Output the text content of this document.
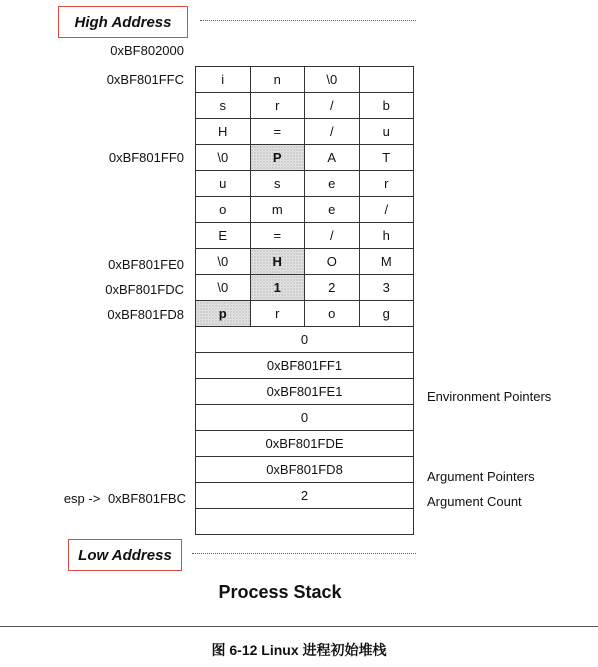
High Address
0xBF802000
0xBF801FFC
0xBF801FF0
0xBF801FE0
0xBF801FDC
0xBF801FD8
esp -> 0xBF801FBC
i	n	\0	
s	r	/	b
H	=	/	u
\0	P	A	T
u	s	e	r
o	m	e	/
E	=	/	h
\0	H	O	M
\0	1	2	3
p	r	o	g
0			
0xBF801FF1			
0xBF801FE1			
0			
0xBF801FDE			
0xBF801FD8			
2			

Environment Pointers
Argument Pointers
Argument Count
Low Address
Process Stack
图 6-12 Linux 进程初始堆栈
